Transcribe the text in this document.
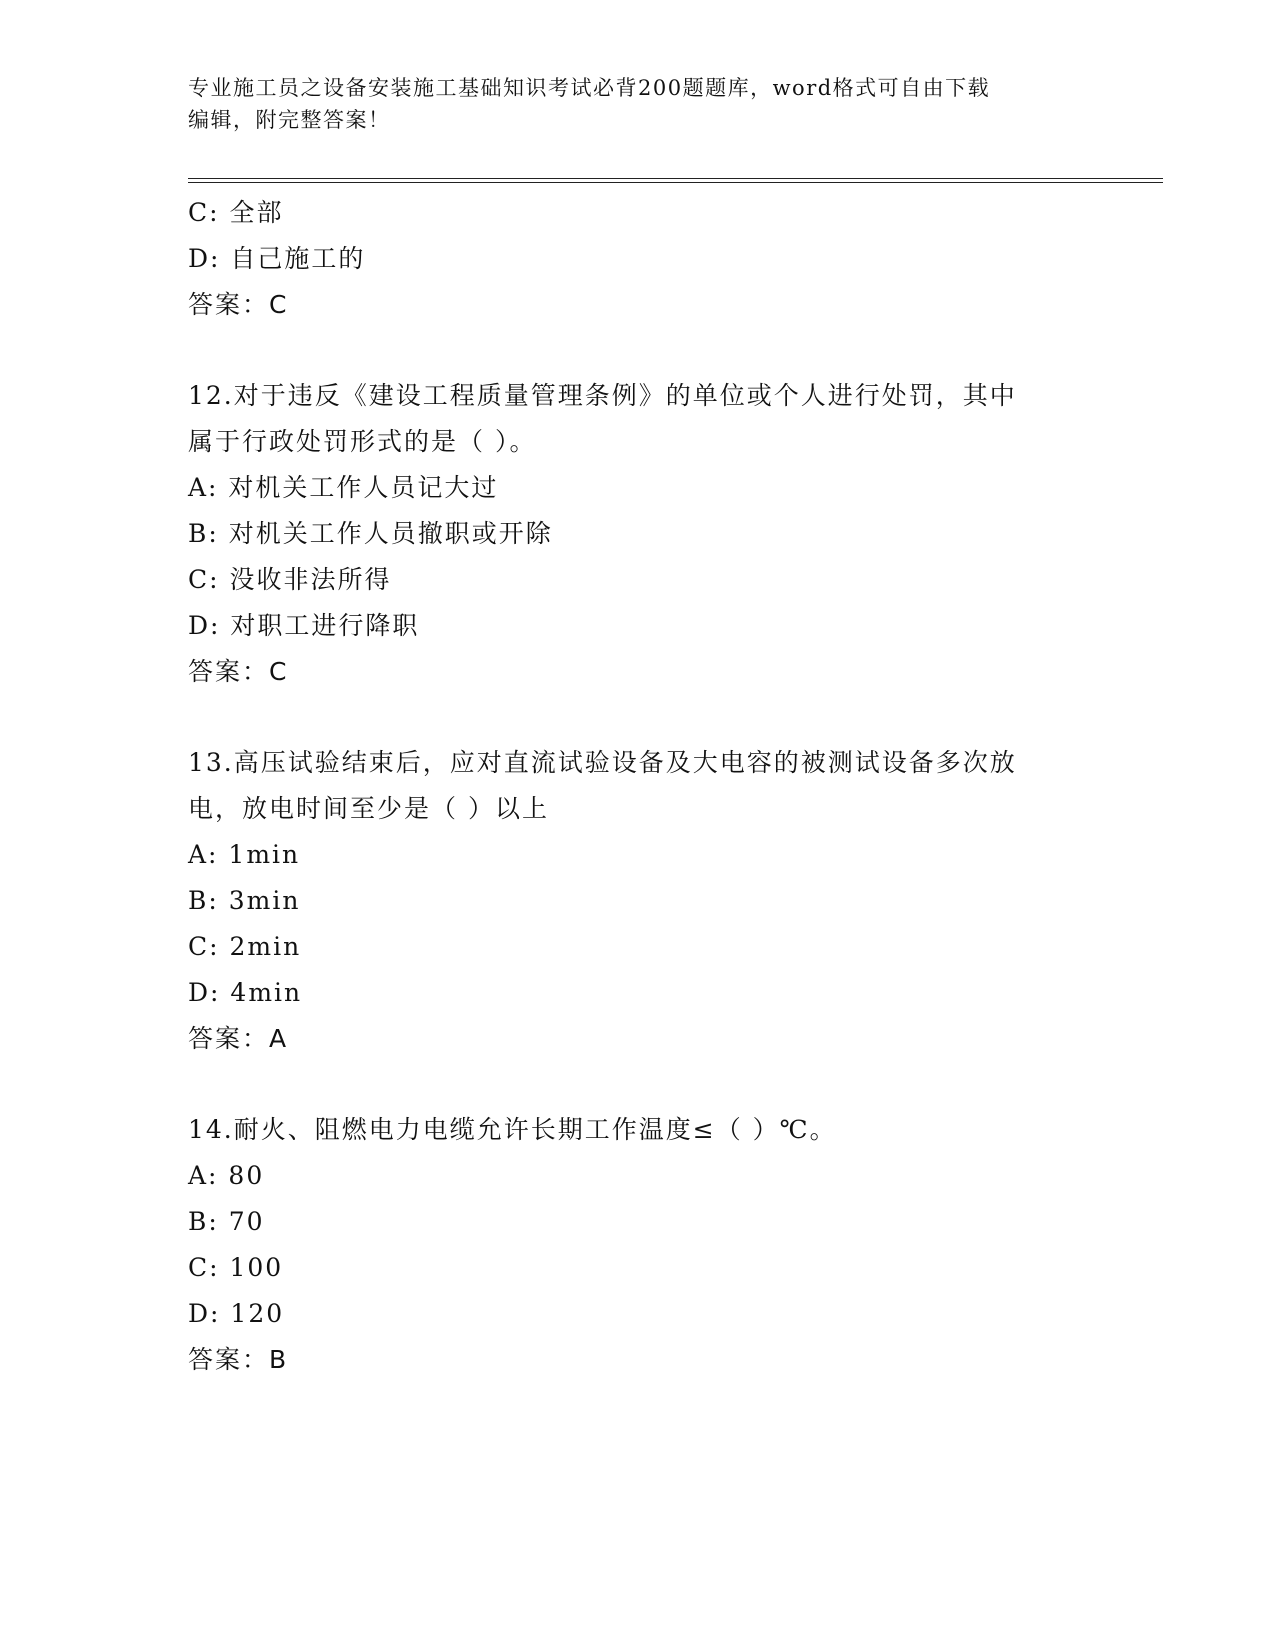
专业施工员之设备安装施工基础知识考试必背200题题库，word格式可自由下载
编辑，附完整答案！
C: 全部
D: 自己施工的
答案：C
12.对于违反《建设工程质量管理条例》的单位或个人进行处罚，其中
属于行政处罚形式的是（ ）。
A: 对机关工作人员记大过
B: 对机关工作人员撤职或开除
C: 没收非法所得
D: 对职工进行降职
答案：C
13.高压试验结束后，应对直流试验设备及大电容的被测试设备多次放
电，放电时间至少是（ ）以上
A: 1min
B: 3min
C: 2min
D: 4min
答案：A
14.耐火、阻燃电力电缆允许长期工作温度≤（ ）℃。
A: 80
B: 70
C: 100
D: 120
答案：B
